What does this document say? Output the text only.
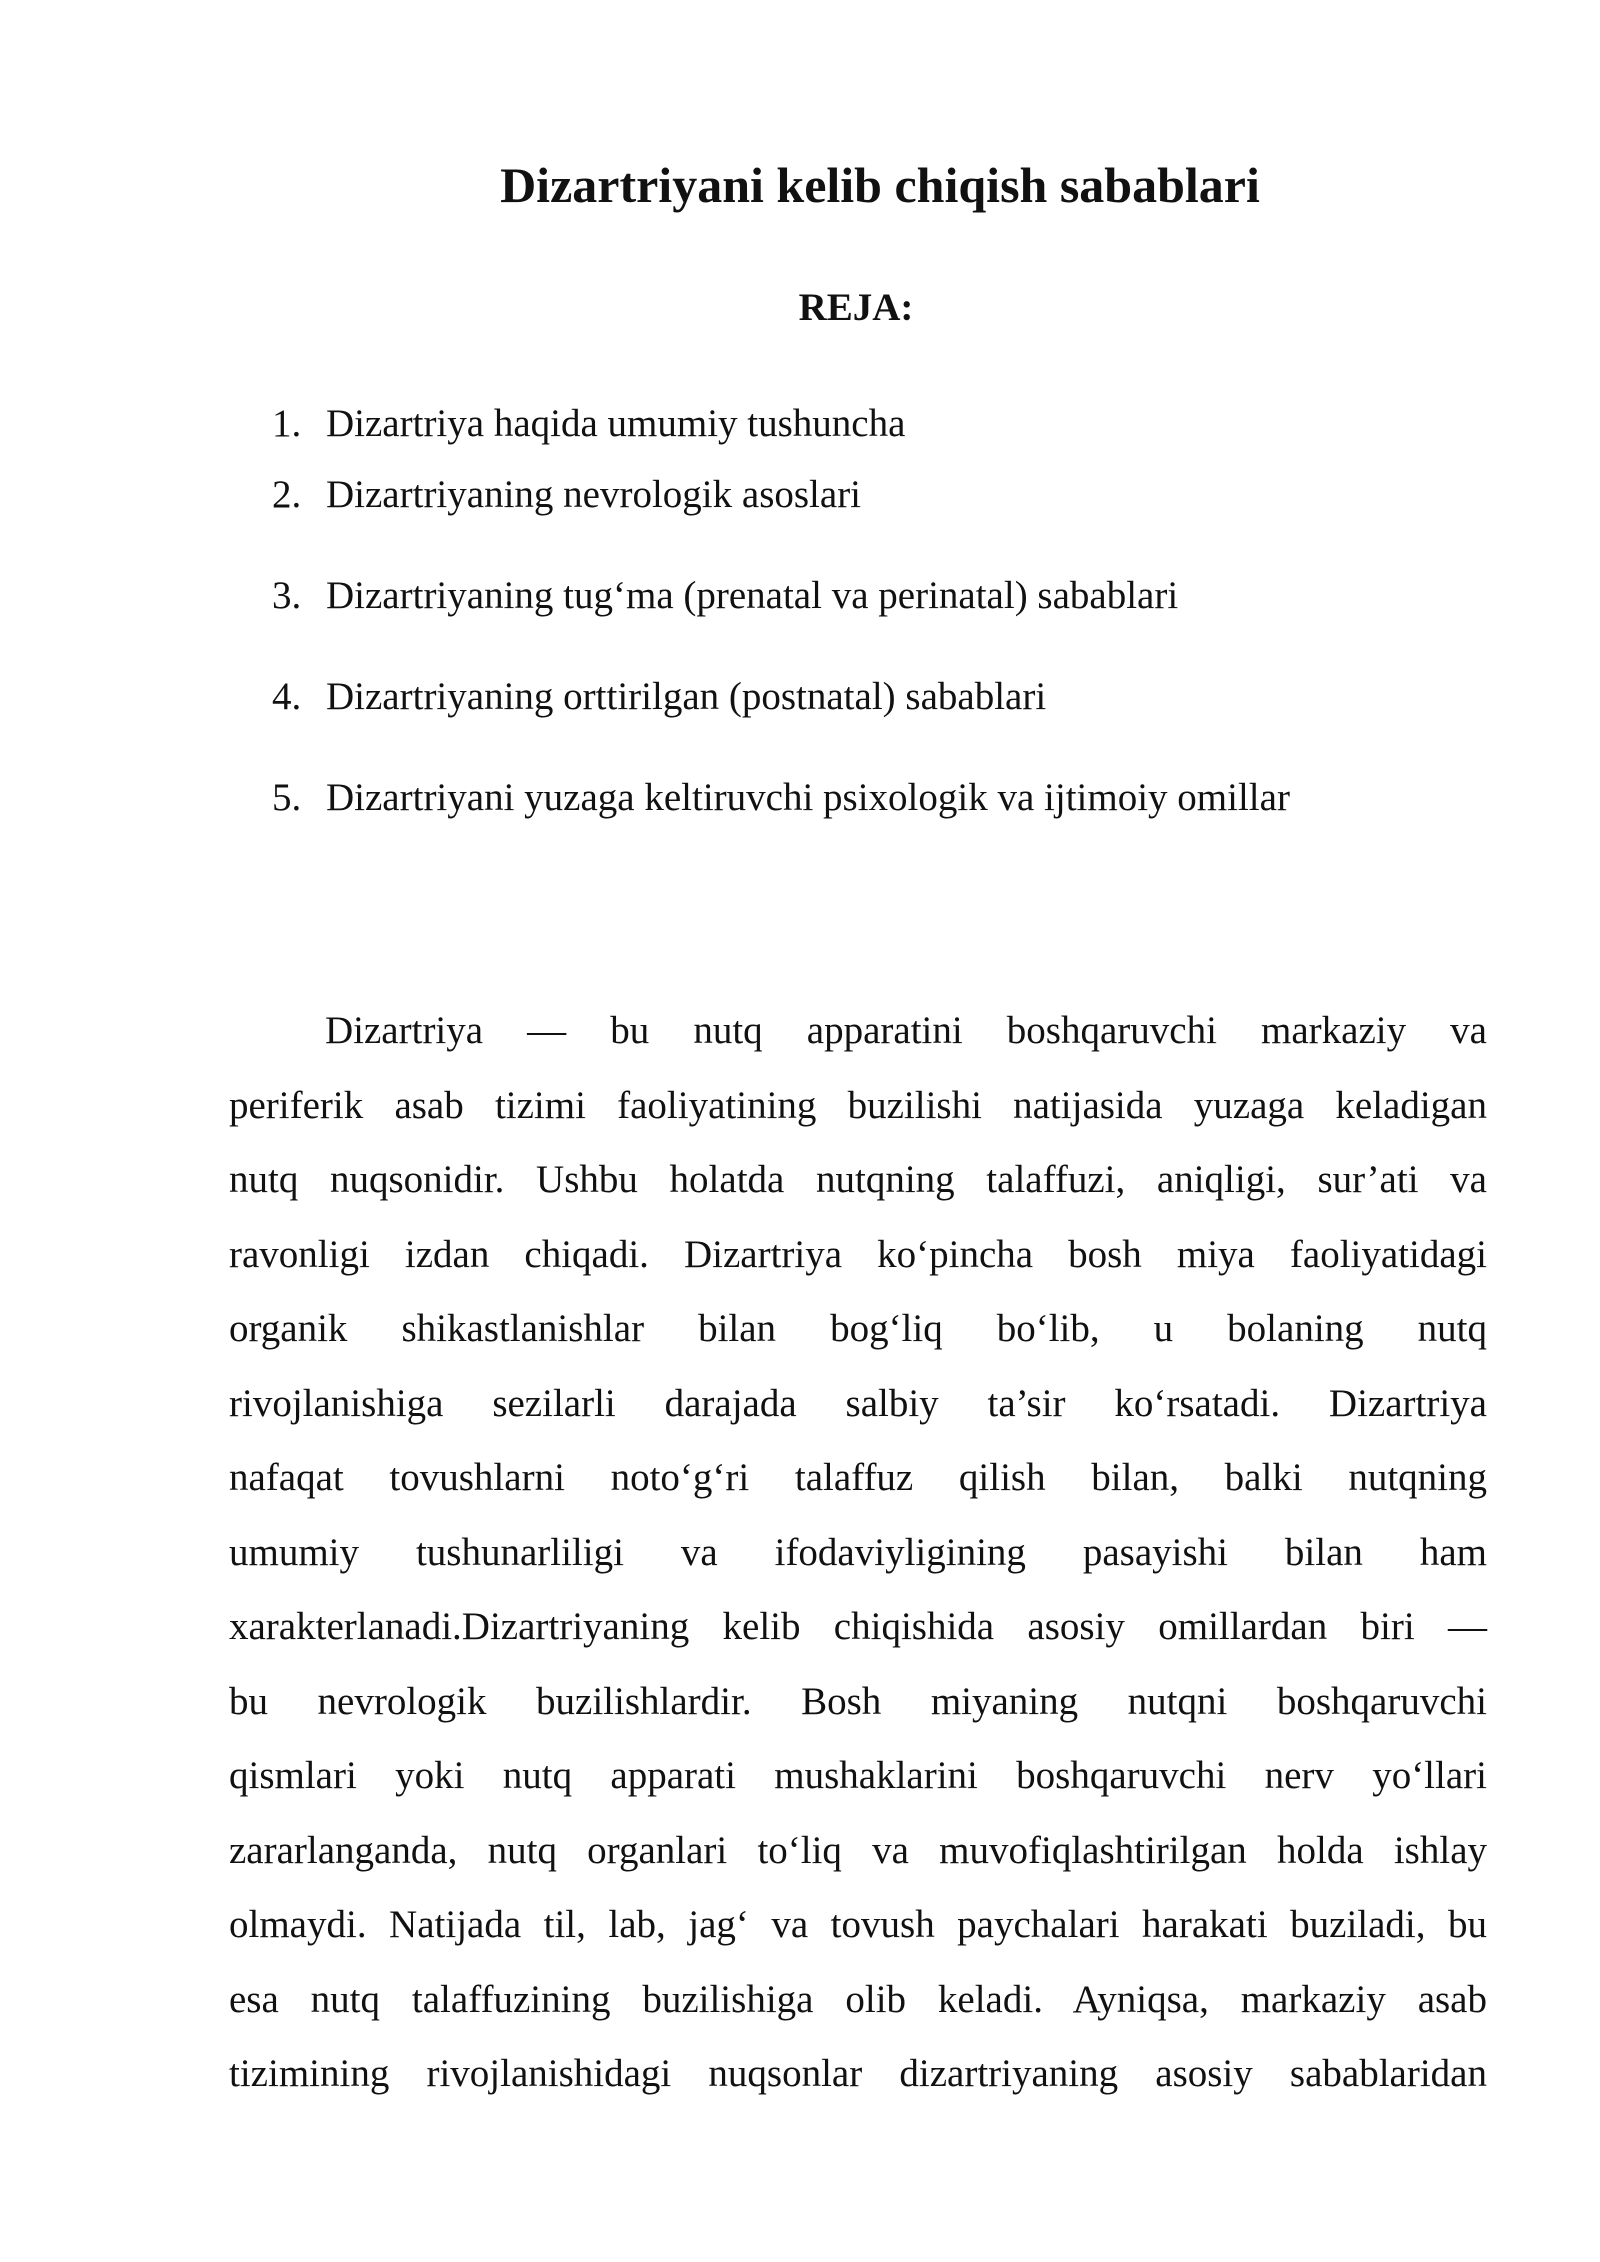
Dizartriyani kelib chiqish sabablari
REJA:
1. Dizartriya haqida umumiy tushuncha
2. Dizartriyaning nevrologik asoslari
3. Dizartriyaning tug‘ma (prenatal va perinatal) sabablari
4. Dizartriyaning orttirilgan (postnatal) sabablari
5. Dizartriyani yuzaga keltiruvchi psixologik va ijtimoiy omillar
Dizartriya — bu nutq apparatini boshqaruvchi markaziy va
periferik asab tizimi faoliyatining buzilishi natijasida yuzaga keladigan
nutq nuqsonidir. Ushbu holatda nutqning talaffuzi, aniqligi, sur’ati va
ravonligi izdan chiqadi. Dizartriya ko‘pincha bosh miya faoliyatidagi
organik shikastlanishlar bilan bog‘liq bo‘lib, u bolaning nutq
rivojlanishiga sezilarli darajada salbiy ta’sir ko‘rsatadi. Dizartriya
nafaqat tovushlarni noto‘g‘ri talaffuz qilish bilan, balki nutqning
umumiy tushunarliligi va ifodaviyligining pasayishi bilan ham
xarakterlanadi.Dizartriyaning kelib chiqishida asosiy omillardan biri —
bu nevrologik buzilishlardir. Bosh miyaning nutqni boshqaruvchi
qismlari yoki nutq apparati mushaklarini boshqaruvchi nerv yo‘llari
zararlanganda, nutq organlari to‘liq va muvofiqlashtirilgan holda ishlay
olmaydi. Natijada til, lab, jag‘ va tovush paychalari harakati buziladi, bu
esa nutq talaffuzining buzilishiga olib keladi. Ayniqsa, markaziy asab
tizimining rivojlanishidagi nuqsonlar dizartriyaning asosiy sabablaridan
